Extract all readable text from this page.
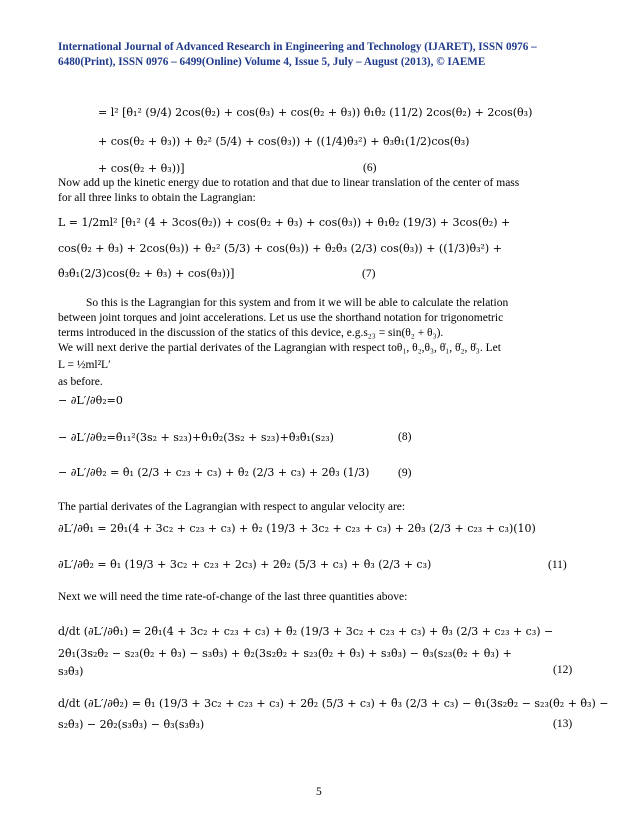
International Journal of Advanced Research in Engineering and Technology (IJARET), ISSN 0976 –
6480(Print), ISSN 0976 – 6499(Online) Volume 4, Issue 5, July – August (2013), © IAEME
= l² [θ̇₁² (9/4) 2cos(θ₂) + cos(θ₃) + cos(θ₂ + θ₃)) θ̇₁θ̇₂ (11/2) 2cos(θ₂) + 2cos(θ₃)
+ cos(θ₂ + θ₃)) + θ̇₂² (5/4) + cos(θ₃)) + ((1/4)θ̇₃²) + θ̇₃θ̇₁(1/2)cos(θ₃)
+ cos(θ₂ + θ₃))]	(6)
Now add up the kinetic energy due to rotation and that due to linear translation of the center of mass
for all three links to obtain the Lagrangian:
L = 1/2ml² [θ̇₁² (4 + 3cos(θ₂)) + cos(θ₂ + θ₃) + cos(θ₃)) + θ̇₁θ̇₂ (19/3) + 3cos(θ₂) +
cos(θ₂ + θ₃) + 2cos(θ₃)) + θ̇₂² (5/3) + cos(θ₃)) + θ̇₂θ̇₃ (2/3) cos(θ₃)) + ((1/3)θ̇₃²) +
θ̇₃θ̇₁(2/3)cos(θ₂ + θ₃) + cos(θ₃))]	(7)
So this is the Lagrangian for this system and from it we will be able to calculate the relation
between joint torques and joint accelerations. Let us use the shorthand notation for trigonometric
terms introduced in the discussion of the statics of this device, e.g.s₂₃ = sin(θ₂ + θ₃).
We will next derive the partial derivates of the Lagrangian with respect toθ₁, θ₂,θ₃, θ̇₁, θ̇₂, θ̇₃. Let
L = ½ml²L′
as before.
− ∂L′/∂θ₂=0
− ∂L′/∂θ₂=θ̇₁₁²(3s₂ + s₂₃)+θ̇₁θ̇₂(3s₂ + s₂₃)+θ̇₃θ̇₁(s₂₃)	(8)
− ∂L′/∂θ₂ = θ̇₁ (2/3 + c₂₃ + c₃) + θ̇₂ (2/3 + c₃) + 2θ̇₃ (1/3) (9)
The partial derivates of the Lagrangian with respect to angular velocity are:
∂L′/∂θ̇₁ = 2θ̇₁(4 + 3c₂ + c₂₃ + c₃) + θ̇₂ (19/3 + 3c₂ + c₂₃ + c₃) + 2θ̇₃ (2/3 + c₂₃ + c₃)(10)
∂L′/∂θ̇₂ = θ̇₁ (19/3 + 3c₂ + c₂₃ + 2c₃) + 2θ̇₂ (5/3 + c₃) + θ̇₃ (2/3 + c₃)	(11)
Next we will need the time rate-of-change of the last three quantities above:
d/dt (∂L′/∂θ̇₁) = 2θ̈₁(4 + 3c₂ + c₂₃ + c₃) + θ̈₂ (19/3 + 3c₂ + c₂₃ + c₃) + θ̈₃ (2/3 + c₂₃ + c₃) −
2θ̇₁(3s₂θ̇₂ − s₂₃(θ̇₂ + θ̇₃) − s₃θ̇₃) + θ̇₂(3s₂θ̇₂ + s₂₃(θ̇₂ + θ̇₃) + s₃θ̇₃) − θ̇₃(s₂₃(θ̇₂ + θ̇₃) +
s₃θ̇₃)	(12)
d/dt (∂L′/∂θ̇₂) = θ̈₁ (19/3 + 3c₂ + c₂₃ + c₃) + 2θ̈₂ (5/3 + c₃) + θ̈₃ (2/3 + c₃) − θ̇₁(3s₂θ̇₂ − s₂₃(θ̇₂ + θ̇₃) −
s₂θ̇₃) − 2θ̇₂(s₃θ̇₃) − θ̇₃(s₃θ̇₃)	(13)
5
